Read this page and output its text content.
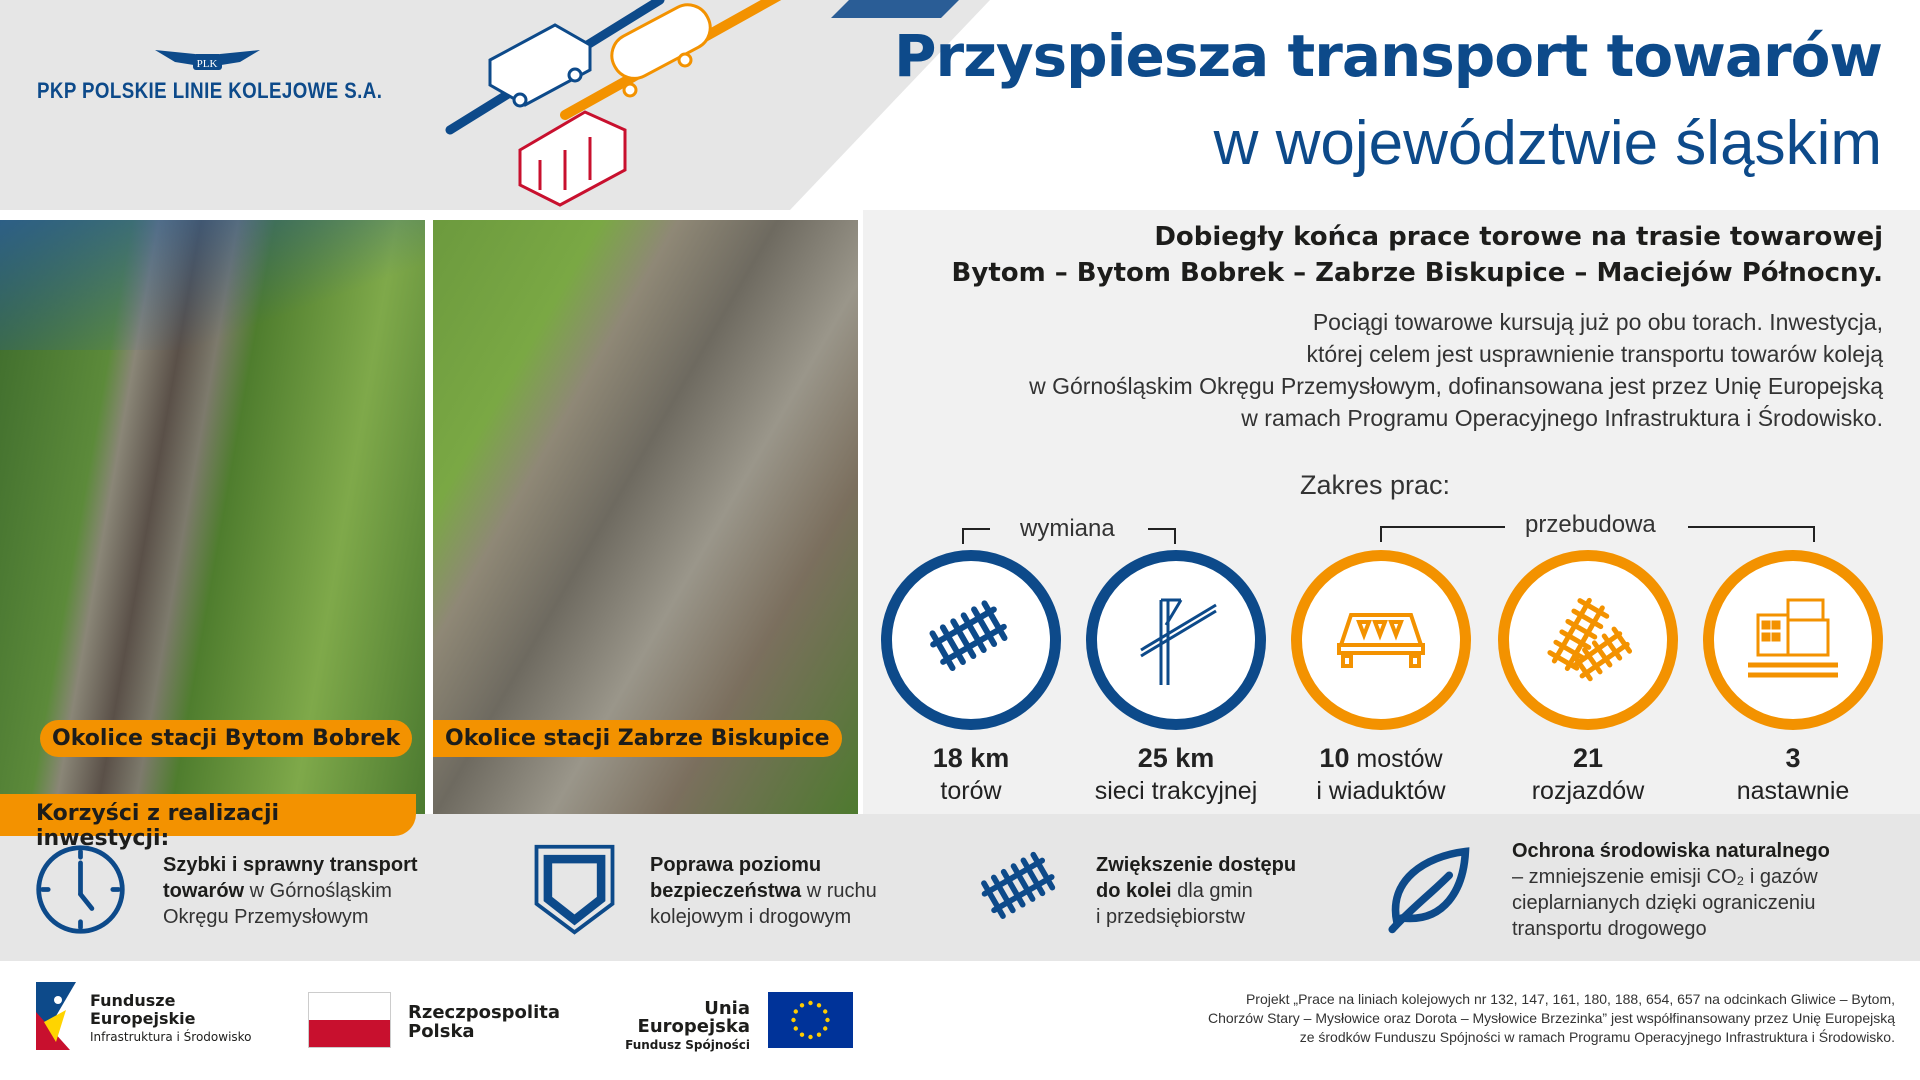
PLK
PKP POLSKIE LINIE KOLEJOWE S.A.
Przyspiesza transport towarów
w województwie śląskim
Okolice stacji Bytom Bobrek	Okolice stacji Zabrze Biskupice
Dobiegły końca prace torowe na trasie towarowej
Bytom – Bytom Bobrek – Zabrze Biskupice – Maciejów Północny.
Pociągi towarowe kursują już po obu torach. Inwestycja,
której celem jest usprawnienie transportu towarów koleją
w Górnośląskim Okręgu Przemysłowym, dofinansowana jest przez Unię Europejską
w ramach Programu Operacyjnego Infrastruktura i Środowisko.
Zakres prac:
wymiana	przebudowa
18 km
torów
25 km
sieci trakcyjnej
10 mostów
i wiaduktów
21
rozjazdów
3
nastawnie
Korzyści z realizacji inwestycji:
Szybki i sprawny transport
towarów w Górnośląskim
Okręgu Przemysłowym
Poprawa poziomu
bezpieczeństwa w ruchu
kolejowym i drogowym
Zwiększenie dostępu
do kolei dla gmin
i przedsiębiorstw
Ochrona środowiska naturalnego
– zmniejszenie emisji CO₂ i gazów
cieplarnianych dzięki ograniczeniu
transportu drogowego
Fundusze
Europejskie
Infrastruktura i Środowisko
Rzeczpospolita
Polska
Unia Europejska
Fundusz Spójności
Projekt „Prace na liniach kolejowych nr 132, 147, 161, 180, 188, 654, 657 na odcinkach Gliwice – Bytom,
Chorzów Stary – Mysłowice oraz Dorota – Mysłowice Brzezinka” jest współfinansowany przez Unię Europejską
ze środków Funduszu Spójności w ramach Programu Operacyjnego Infrastruktura i Środowisko.
